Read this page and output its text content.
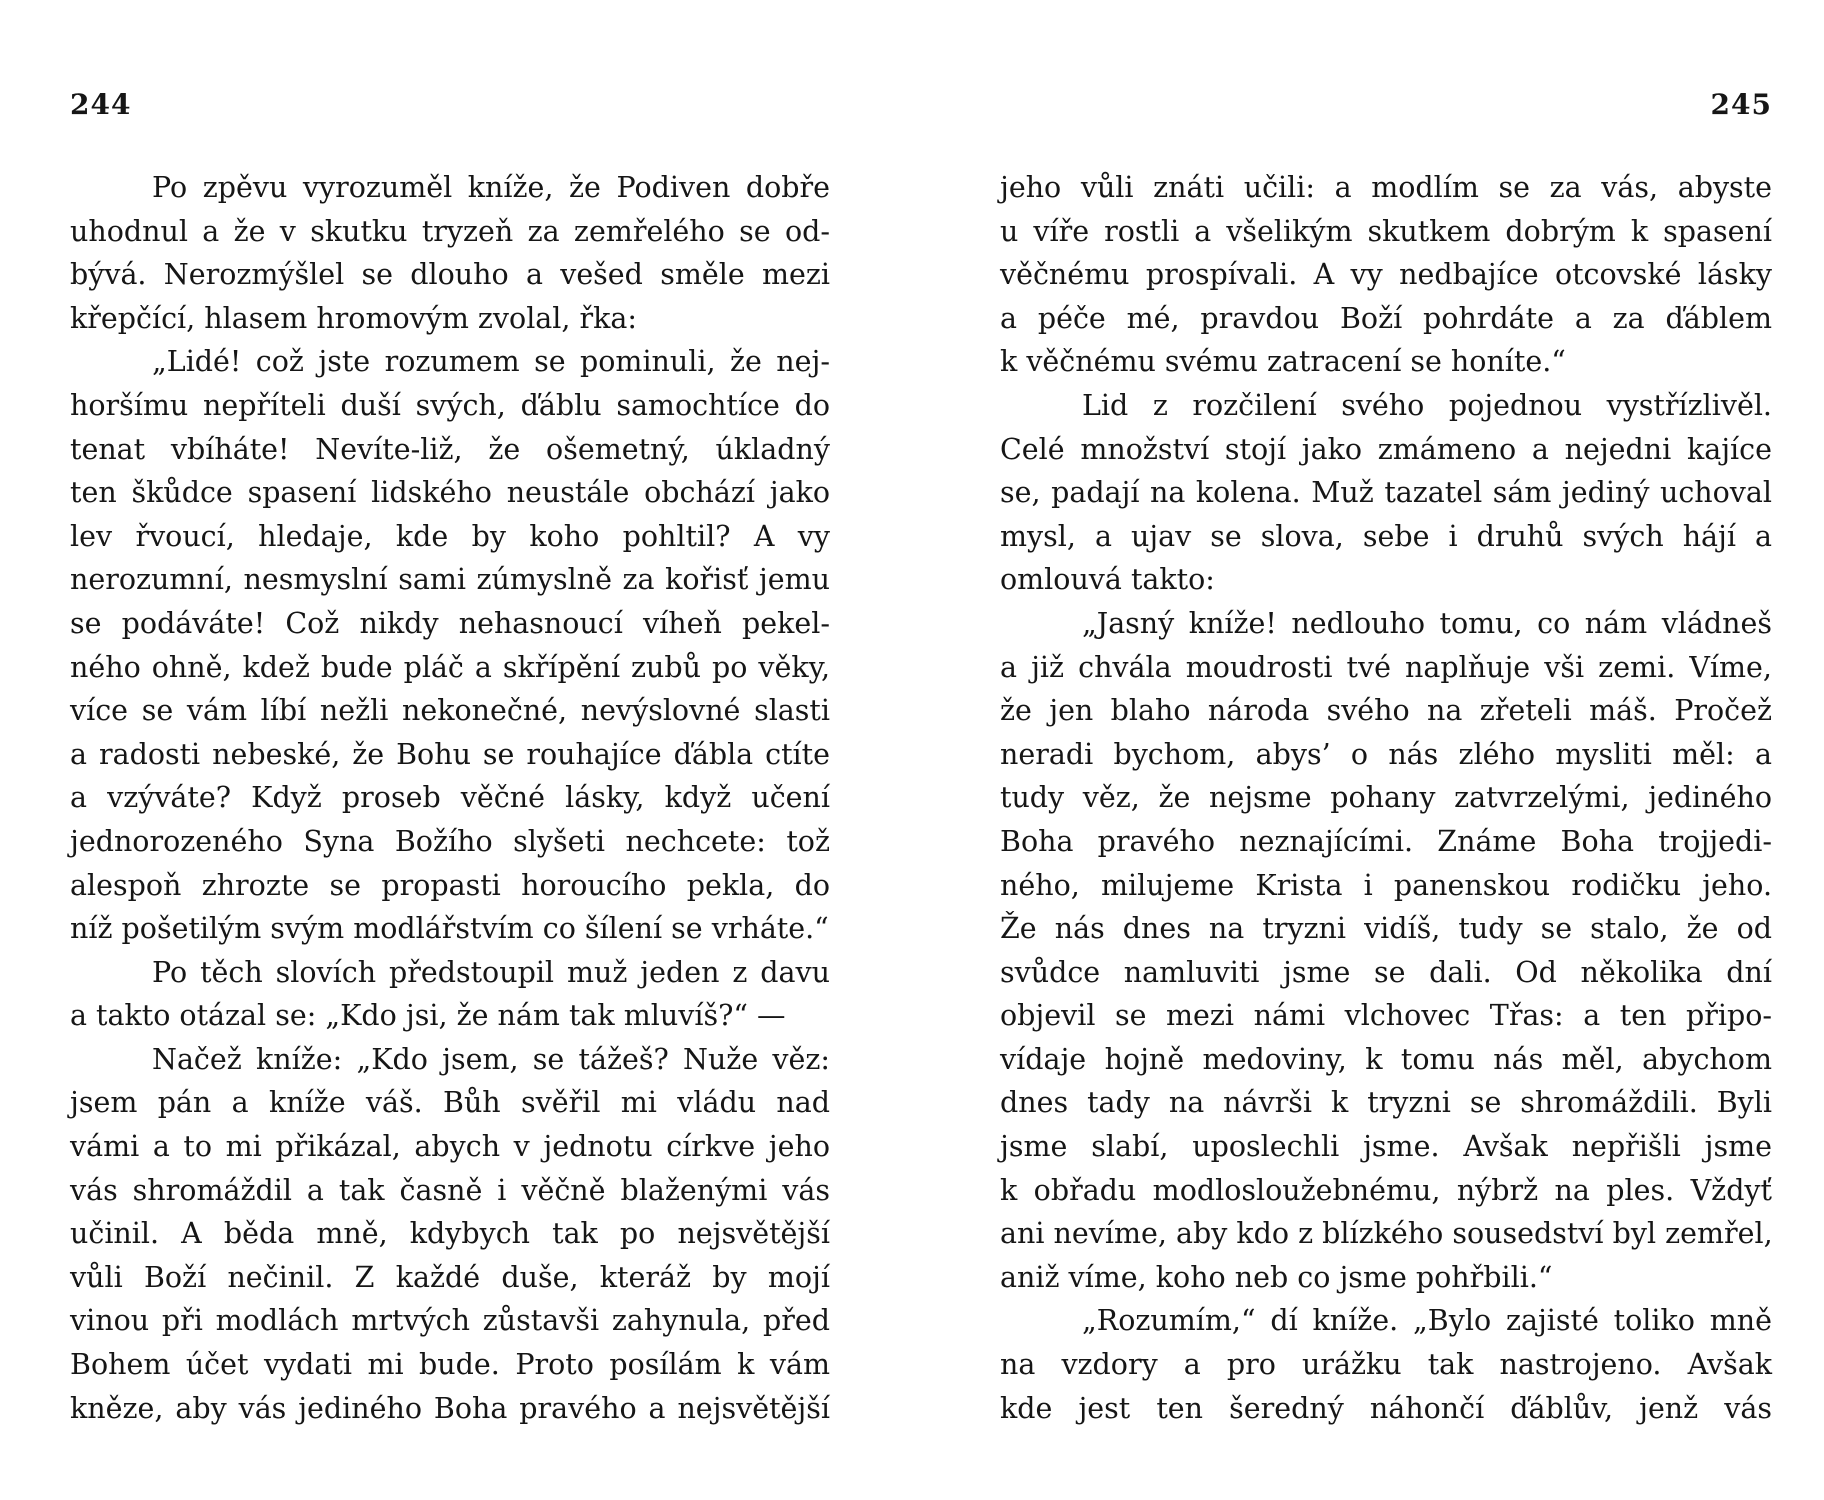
244
Po zpěvu vyrozuměl kníže, že Podiven dobře
uhodnul a že v skutku tryzeň za zemřelého se od-
bývá. Nerozmýšlel se dlouho a vešed směle mezi
křepčící, hlasem hromovým zvolal, řka:
„Lidé! což jste rozumem se pominuli, že nej-
horšímu nepříteli duší svých, ďáblu samochtíce do
tenat vbíháte! Nevíte-liž, že ošemetný, úkladný
ten škůdce spasení lidského neustále obchází jako
lev řvoucí, hledaje, kde by koho pohltil? A vy
nerozumní, nesmyslní sami zúmyslně za kořisť jemu
se podáváte! Což nikdy nehasnoucí víheň pekel-
ného ohně, kdež bude pláč a skřípění zubů po věky,
více se vám líbí nežli nekonečné, nevýslovné slasti
a radosti nebeské, že Bohu se rouhajíce ďábla ctíte
a vzýváte? Když proseb věčné lásky, když učení
jednorozeného Syna Božího slyšeti nechcete: tož
alespoň zhrozte se propasti horoucího pekla, do
níž pošetilým svým modlářstvím co šílení se vrháte.“
Po těch slovích předstoupil muž jeden z davu
a takto otázal se: „Kdo jsi, že nám tak mluvíš?“ —
Načež kníže: „Kdo jsem, se tážeš? Nuže věz:
jsem pán a kníže váš. Bůh svěřil mi vládu nad
vámi a to mi přikázal, abych v jednotu církve jeho
vás shromáždil a tak časně i věčně blaženými vás
učinil. A běda mně, kdybych tak po nejsvětější
vůli Boží nečinil. Z každé duše, kteráž by mojí
vinou při modlách mrtvých zůstavši zahynula, před
Bohem účet vydati mi bude. Proto posílám k vám
kněze, aby vás jediného Boha pravého a nejsvětější
245
jeho vůli znáti učili: a modlím se za vás, abyste
u víře rostli a všelikým skutkem dobrým k spasení
věčnému prospívali. A vy nedbajíce otcovské lásky
a péče mé, pravdou Boží pohrdáte a za ďáblem
k věčnému svému zatracení se honíte.“
Lid z rozčilení svého pojednou vystřízlivěl.
Celé množství stojí jako zmámeno a nejedni kajíce
se, padají na kolena. Muž tazatel sám jediný uchoval
mysl, a ujav se slova, sebe i druhů svých hájí a
omlouvá takto:
„Jasný kníže! nedlouho tomu, co nám vládneš
a již chvála moudrosti tvé naplňuje vši zemi. Víme,
že jen blaho národa svého na zřeteli máš. Pročež
neradi bychom, abys’ o nás zlého mysliti měl: a
tudy věz, že nejsme pohany zatvrzelými, jediného
Boha pravého neznajícími. Známe Boha trojjedi-
ného, milujeme Krista i panenskou rodičku jeho.
Že nás dnes na tryzni vidíš, tudy se stalo, že od
svůdce namluviti jsme se dali. Od několika dní
objevil se mezi námi vlchovec Třas: a ten připo-
vídaje hojně medoviny, k tomu nás měl, abychom
dnes tady na návrši k tryzni se shromáždili. Byli
jsme slabí, uposlechli jsme. Avšak nepřišli jsme
k obřadu modlosloužebnému, nýbrž na ples. Vždyť
ani nevíme, aby kdo z blízkého sousedství byl zemřel,
aniž víme, koho neb co jsme pohřbili.“
„Rozumím,“ dí kníže. „Bylo zajisté toliko mně
na vzdory a pro urážku tak nastrojeno. Avšak
kde jest ten šeredný náhončí ďáblův, jenž vás
